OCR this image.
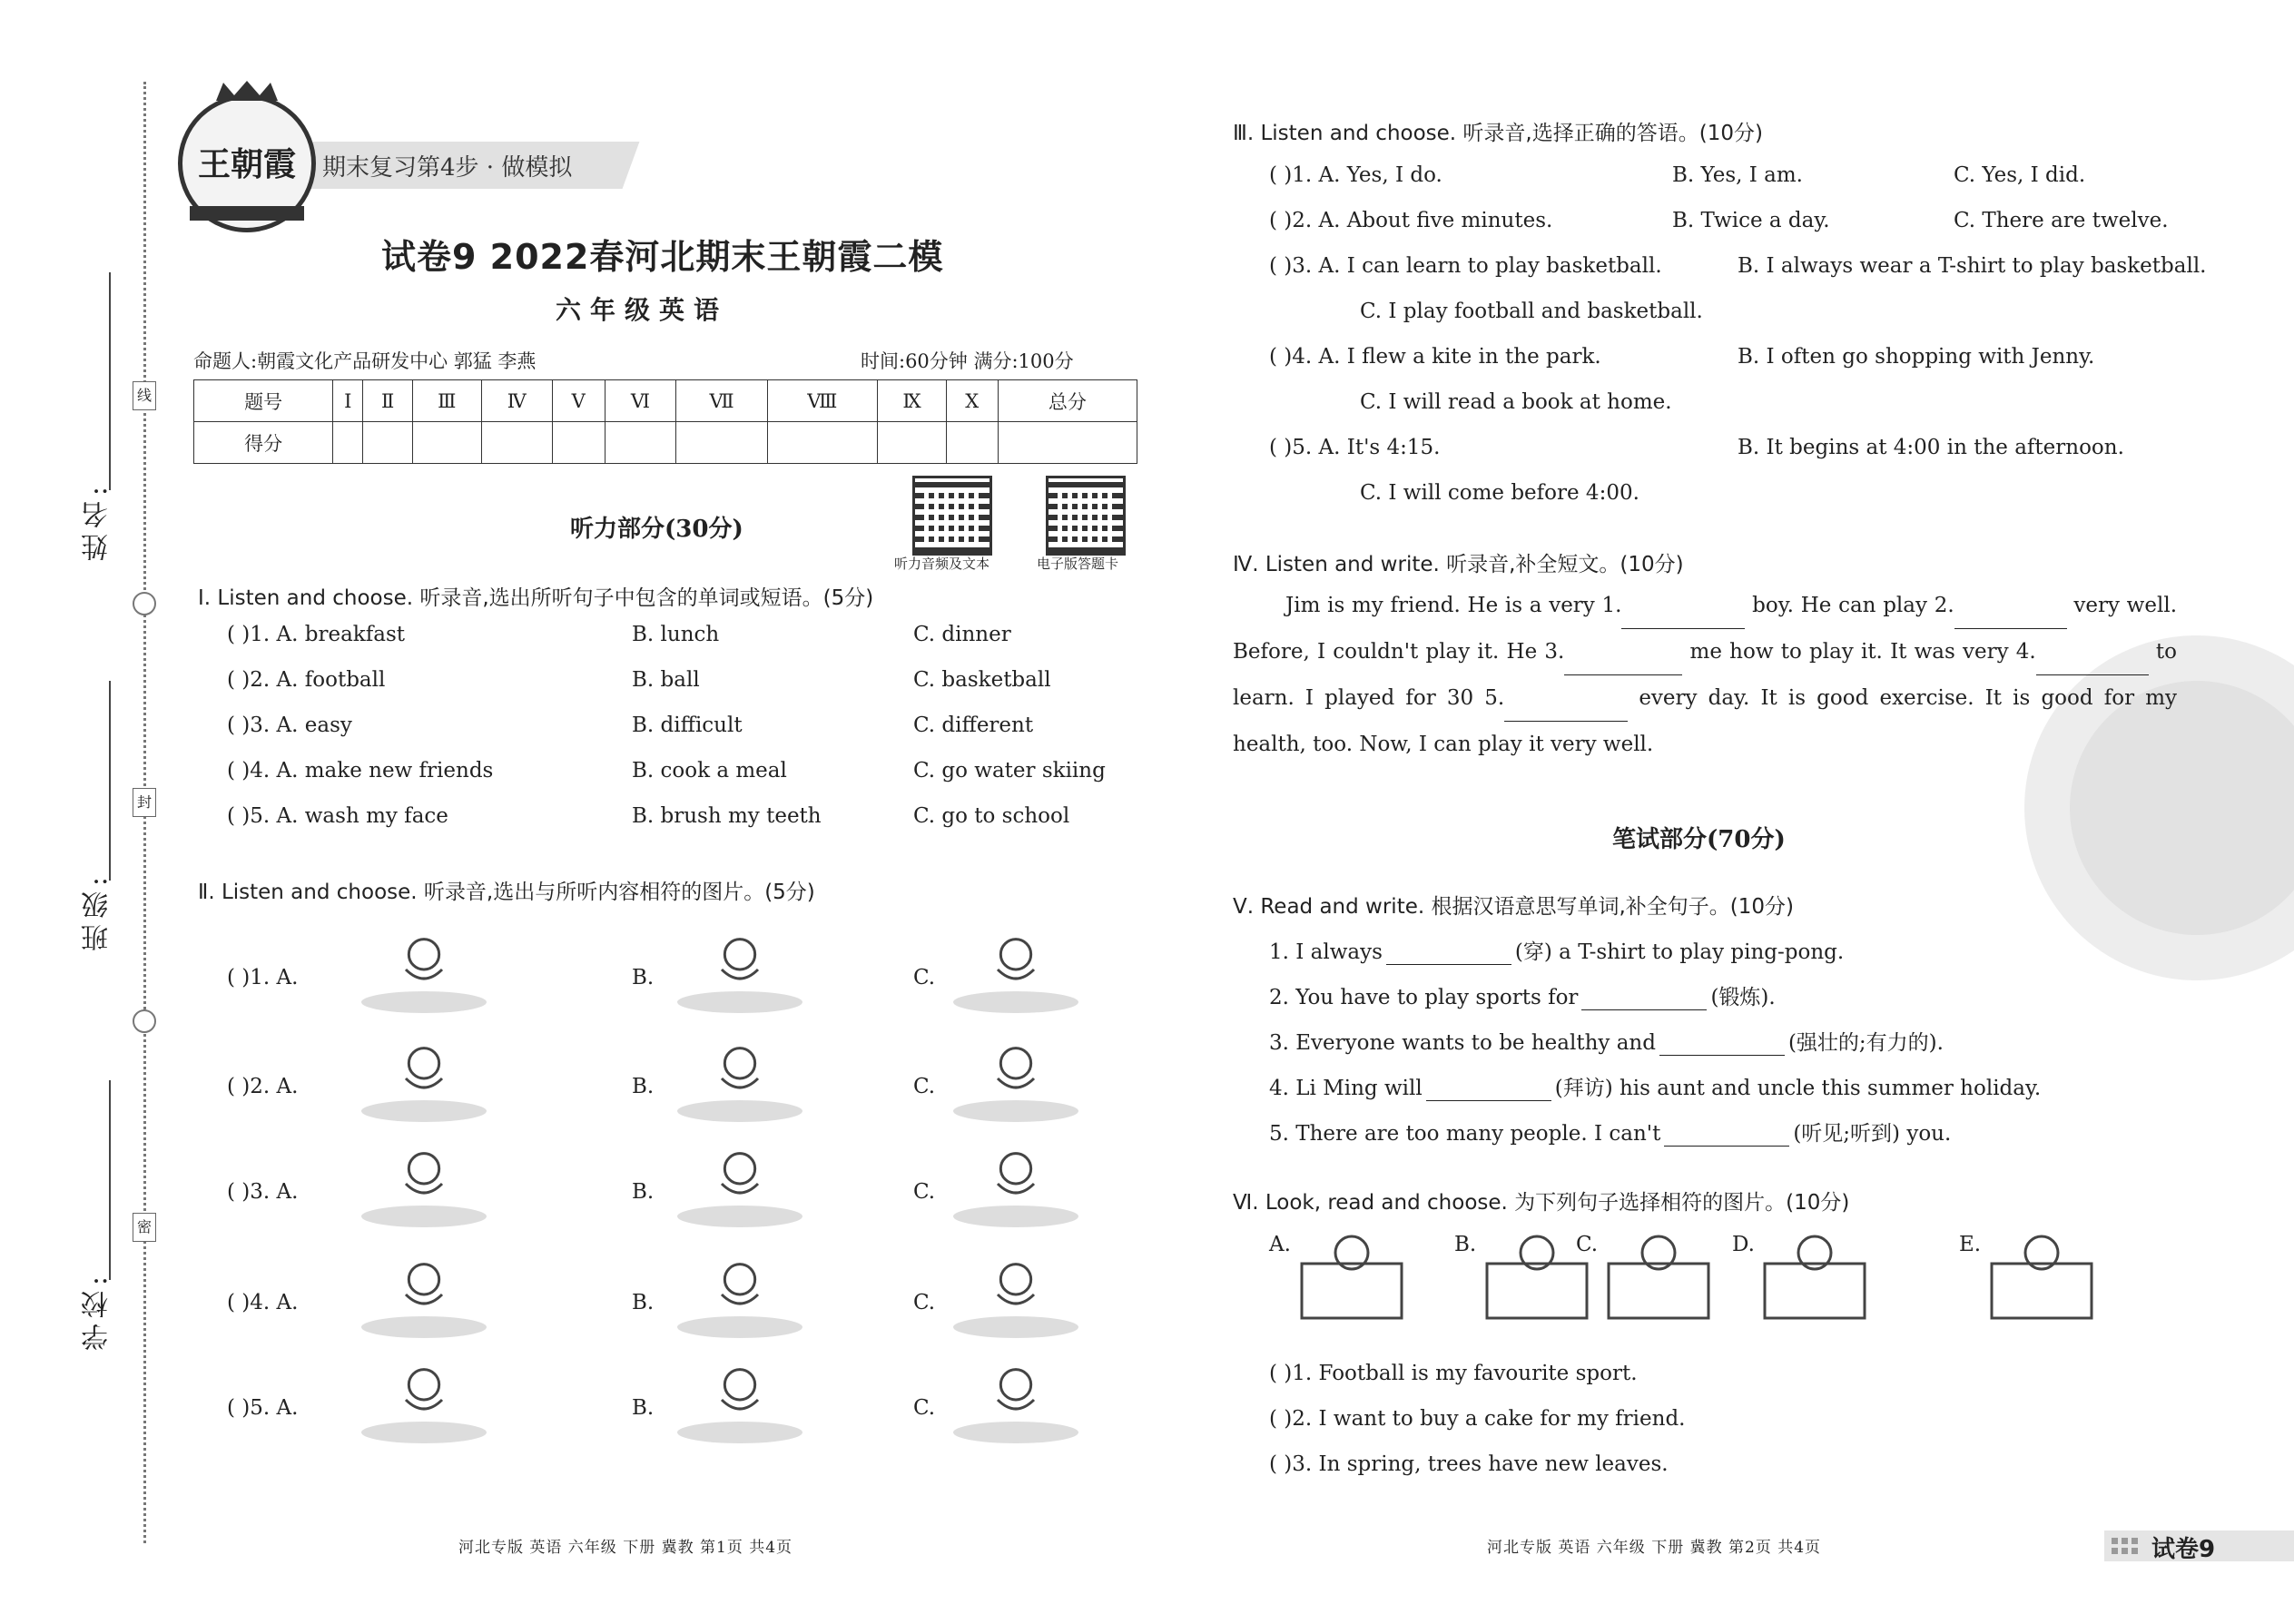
线
封
密
姓名:
班级:
学校:
期末复习第4步 · 做模拟
王朝霞
试卷9 2022春河北期末王朝霞二模
六年级英语
命题人:朝霞文化产品研发中心 郭猛 李燕	时间:60分钟 满分:100分
题号	Ⅰ	Ⅱ	Ⅲ	Ⅳ	Ⅴ	Ⅵ	Ⅶ	Ⅷ	Ⅸ	Ⅹ	总分
得分											
听力部分(30分)
听力音频及文本	电子版答题卡
Ⅰ. Listen and choose. 听录音,选出所听句子中包含的单词或短语。(5分)
( )1. A. breakfast	B. lunch	C. dinner
( )2. A. football	B. ball	C. basketball
( )3. A. easy	B. difficult	C. different
( )4. A. make new friends	B. cook a meal	C. go water skiing
( )5. A. wash my face	B. brush my teeth	C. go to school
Ⅱ. Listen and choose. 听录音,选出与所听内容相符的图片。(5分)
( )1. A.	B.	C.
( )2. A.	B.	C.
( )3. A.	B.	C.
( )4. A.	B.	C.
( )5. A.	B.	C.
河北专版 英语 六年级 下册 冀教 第1页 共4页
Ⅲ. Listen and choose. 听录音,选择正确的答语。(10分)
( )1. A. Yes, I do.	B. Yes, I am.	C. Yes, I did.
( )2. A. About five minutes.	B. Twice a day.	C. There are twelve.
( )3. A. I can learn to play basketball.	B. I always wear a T-shirt to play basketball.
C. I play football and basketball.
( )4. A. I flew a kite in the park.	B. I often go shopping with Jenny.
C. I will read a book at home.
( )5. A. It's 4:15.	B. It begins at 4:00 in the afternoon.
C. I will come before 4:00.
Ⅳ. Listen and write. 听录音,补全短文。(10分)
Jim is my friend. He is a very 1.	boy. He can play 2.	very well. Before, I couldn't play it. He 3.	me how to play it. It was very 4.	to learn. I played for 30 5.	every day. It is good exercise. It is good for my health, too. Now, I can play it very well.
笔试部分(70分)
Ⅴ. Read and write. 根据汉语意思写单词,补全句子。(10分)
1. I always	(穿) a T-shirt to play ping-pong.
2. You have to play sports for	(锻炼).
3. Everyone wants to be healthy and	(强壮的;有力的).
4. Li Ming will	(拜访) his aunt and uncle this summer holiday.
5. There are too many people. I can't	(听见;听到) you.
Ⅵ. Look, read and choose. 为下列句子选择相符的图片。(10分)
A.	B.	C.	D.	E.
( )1. Football is my favourite sport.
( )2. I want to buy a cake for my friend.
( )3. In spring, trees have new leaves.
河北专版 英语 六年级 下册 冀教 第2页 共4页	试卷9
